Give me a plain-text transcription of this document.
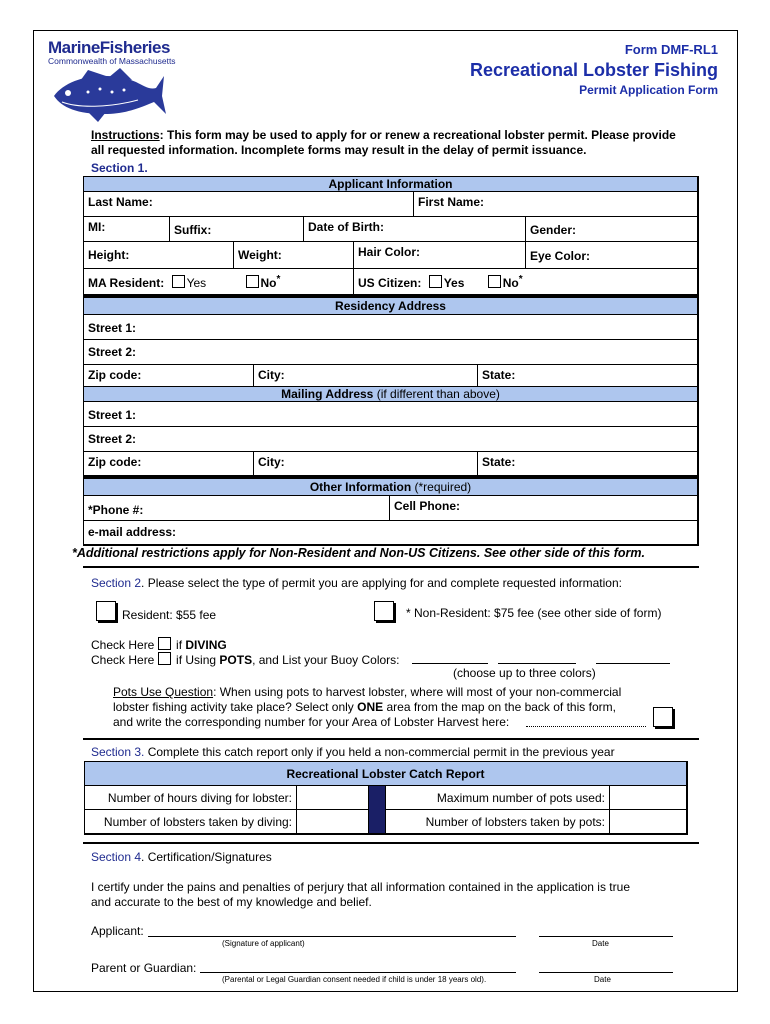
MarineFisheries
Commonwealth of Massachusetts
Form DMF-RL1
Recreational Lobster Fishing
Permit Application Form
Instructions: This form may be used to apply for or renew a recreational lobster permit. Please provide all requested information. Incomplete forms may result in the delay of permit issuance.
Section 1.
Applicant Information
Last Name:	First Name:
MI:	Suffix:	Date of Birth:	Gender:
Height:	Weight:	Hair Color:	Eye Color:
MA Resident: Yes	No*	US Citizen: Yes	No*
Residency Address
Street 1:
Street 2:
Zip code:	City:	State:
Mailing Address (if different than above)
Street 1:
Street 2:
Zip code:	City:	State:
Other Information (*required)
*Phone #:	Cell Phone:
e-mail address:
*Additional restrictions apply for Non-Resident and Non-US Citizens. See other side of this form.
Section 2. Please select the type of permit you are applying for and complete requested information:
Resident: $55 fee	* Non-Resident: $75 fee (see other side of form)
Check Here if DIVING
Check Here if Using POTS, and List your Buoy Colors:
(choose up to three colors)
Pots Use Question: When using pots to harvest lobster, where will most of your non-commercial
lobster fishing activity take place? Select only ONE area from the map on the back of this form,
and write the corresponding number for your Area of Lobster Harvest here:
Section 3. Complete this catch report only if you held a non-commercial permit in the previous year
Recreational Lobster Catch Report
Number of hours diving for lobster:	Maximum number of pots used:
Number of lobsters taken by diving:	Number of lobsters taken by pots:
Section 4. Certification/Signatures
I certify under the pains and penalties of perjury that all information contained in the application is true
and accurate to the best of my knowledge and belief.
Applicant:
(Signature of applicant)	Date
Parent or Guardian:
(Parental or Legal Guardian consent needed if child is under 18 years old).	Date
